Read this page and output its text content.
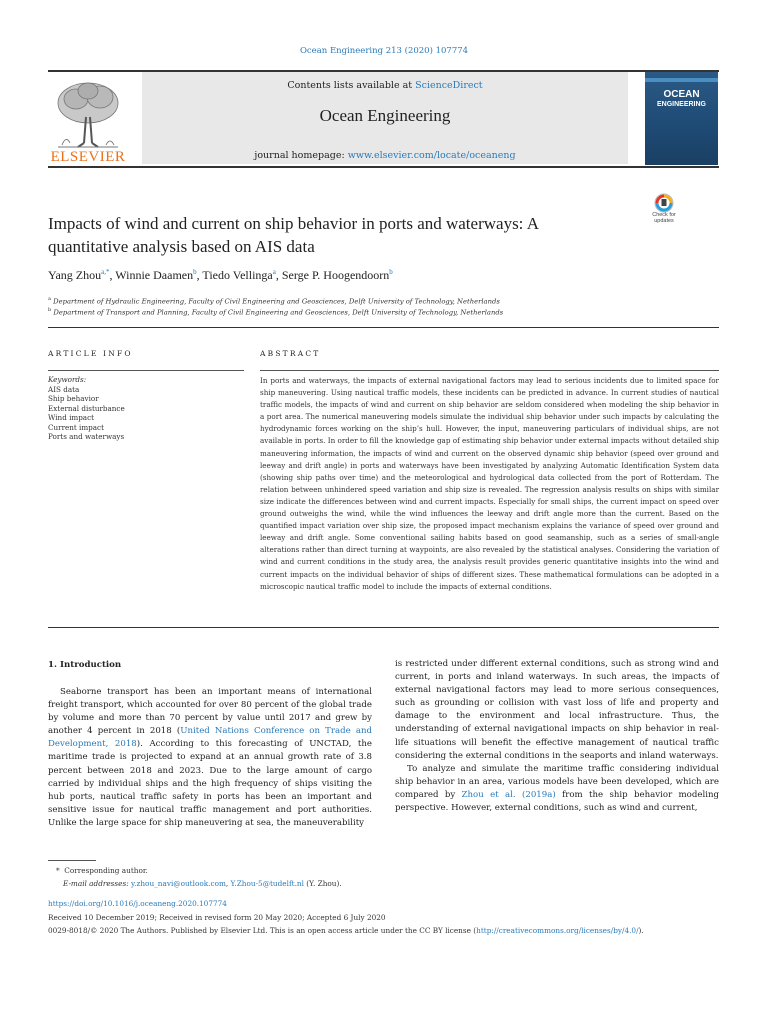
Ocean Engineering 213 (2020) 107774
ELSEVIER
Contents lists available at ScienceDirect
Ocean Engineering
journal homepage: www.elsevier.com/locate/oceaneng
OCEAN
ENGINEERING
Check for
updates
Impacts of wind and current on ship behavior in ports and waterways: A
quantitative analysis based on AIS data
Yang Zhou$^{a,*}$, Winnie Daamen$^b$, Tiedo Vellinga$^a$, Serge P. Hoogendoorn$^b$
$^a$ Department of Hydraulic Engineering, Faculty of Civil Engineering and Geosciences, Delft University of Technology, Netherlands
$^b$ Department of Transport and Planning, Faculty of Civil Engineering and Geosciences, Delft University of Technology, Netherlands
ARTICLE INFO	ABSTRACT
Keywords:
AIS data
Ship behavior
External disturbance
Wind impact
Current impact
Ports and waterways
In ports and waterways, the impacts of external navigational factors may lead to serious incidents due to limited space for ship maneuvering. Using nautical traffic models, these incidents can be predicted in advance. In current studies of nautical traffic models, the impacts of wind and current on ship behavior are seldom considered when modeling the ship behavior in a port area. The numerical maneuvering models simulate the individual ship behavior under such impacts by calculating the hydrodynamic forces working on the ship’s hull. However, the input, maneuvering particulars of individual ships, are not available in ports. In order to fill the knowledge gap of estimating ship behavior under external impacts without detailed ship maneuvering information, the impacts of wind and current on the observed dynamic ship behavior (speed over ground and leeway and drift angle) in ports and waterways have been investigated by analyzing Automatic Identification System data (showing ship paths over time) and the meteorological and hydrological data collected from the port of Rotterdam. The relation between unhindered speed variation and ship size is revealed. The regression analysis results on ships with similar size indicate the differences between wind and current impacts. Especially for small ships, the current impact on speed over ground outweighs the wind, while the wind influences the leeway and drift angle more than the current. Based on the quantified impact variation over ship size, the proposed impact mechanism explains the variance of speed over ground and leeway and drift angle. Some conventional sailing habits based on good seamanship, such as a series of small-angle alterations rather than direct turning at waypoints, are also revealed by the statistical analyses. Considering the variation of wind and current conditions in the study area, the analysis result provides generic quantitative insights into the wind and current impacts on the individual behavior of ships of different sizes. These mathematical formulations can be adopted in a microscopic nautical traffic model to include the impacts of external conditions.
1. Introduction

Seaborne transport has been an important means of international freight transport, which accounted for over 80 percent of the global trade by volume and more than 70 percent by value until 2017 and grew by another 4 percent in 2018 (United Nations Conference on Trade and Development, 2018). According to this forecasting of UNCTAD, the maritime trade is projected to expand at an annual growth rate of 3.8 percent between 2018 and 2023. Due to the large amount of cargo carried by individual ships and the high frequency of ships visiting the hub ports, nautical traffic safety in ports has been an important and sensitive issue for nautical traffic management and port authorities. Unlike the large space for ship maneuvering at sea, the maneuverability

is restricted under different external conditions, such as strong wind and current, in ports and inland waterways. In such areas, the impacts of external navigational factors may lead to more serious consequences, such as grounding or collision with vast loss of life and property and damage to the environment and local infrastructure. Thus, the understanding of external navigational impacts on ship behavior in real-life situations will benefit the effective management of nautical traffic considering the external conditions in the seaports and inland waterways.

To analyze and simulate the maritime traffic considering individual ship behavior in an area, various models have been developed, which are compared by Zhou et al. (2019a) from the ship behavior modeling perspective. However, external conditions, such as wind and current,

* Corresponding author.
E-mail addresses: y.zhou_navi@outlook.com, Y.Zhou-5@tudelft.nl (Y. Zhou).
https://doi.org/10.1016/j.oceaneng.2020.107774
Received 10 December 2019; Received in revised form 20 May 2020; Accepted 6 July 2020
0029-8018/© 2020 The Authors. Published by Elsevier Ltd. This is an open access article under the CC BY license (http://creativecommons.org/licenses/by/4.0/).
